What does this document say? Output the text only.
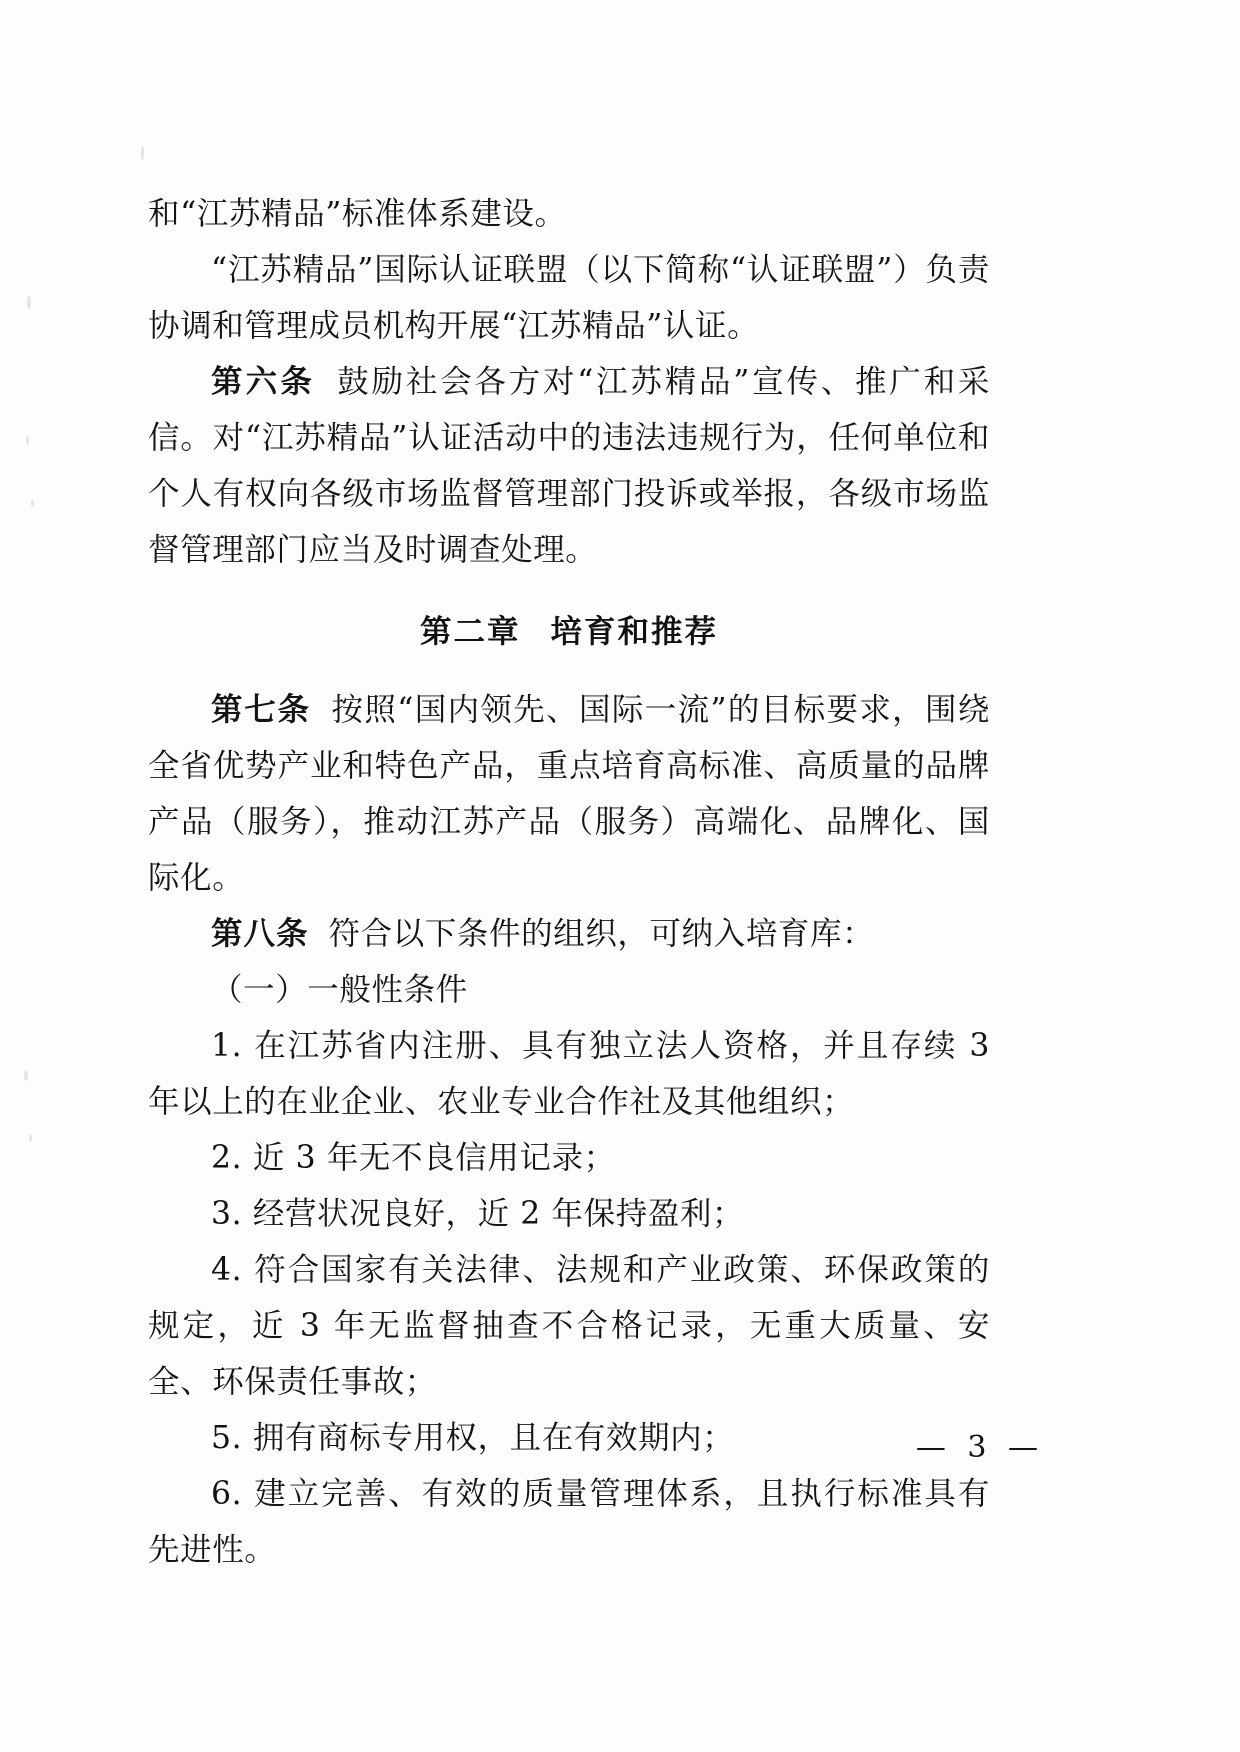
和“江苏精品”标准体系建设。

“江苏精品”国际认证联盟（以下简称“认证联盟”）负责协调和管理成员机构开展“江苏精品”认证。

第六条 鼓励社会各方对“江苏精品”宣传、推广和采信。对“江苏精品”认证活动中的违法违规行为，任何单位和个人有权向各级市场监督管理部门投诉或举报，各级市场监督管理部门应当及时调查处理。

第二章 培育和推荐

第七条 按照“国内领先、国际一流”的目标要求，围绕全省优势产业和特色产品，重点培育高标准、高质量的品牌产品（服务），推动江苏产品（服务）高端化、品牌化、国际化。

第八条 符合以下条件的组织，可纳入培育库：

（一）一般性条件

1. 在江苏省内注册、具有独立法人资格，并且存续 3 年以上的在业企业、农业专业合作社及其他组织；

2. 近 3 年无不良信用记录；

3. 经营状况良好，近 2 年保持盈利；

4. 符合国家有关法律、法规和产业政策、环保政策的规定，近 3 年无监督抽查不合格记录，无重大质量、安全、环保责任事故；

5. 拥有商标专用权，且在有效期内；

6. 建立完善、有效的质量管理体系，且执行标准具有先进性。

— 3 —
